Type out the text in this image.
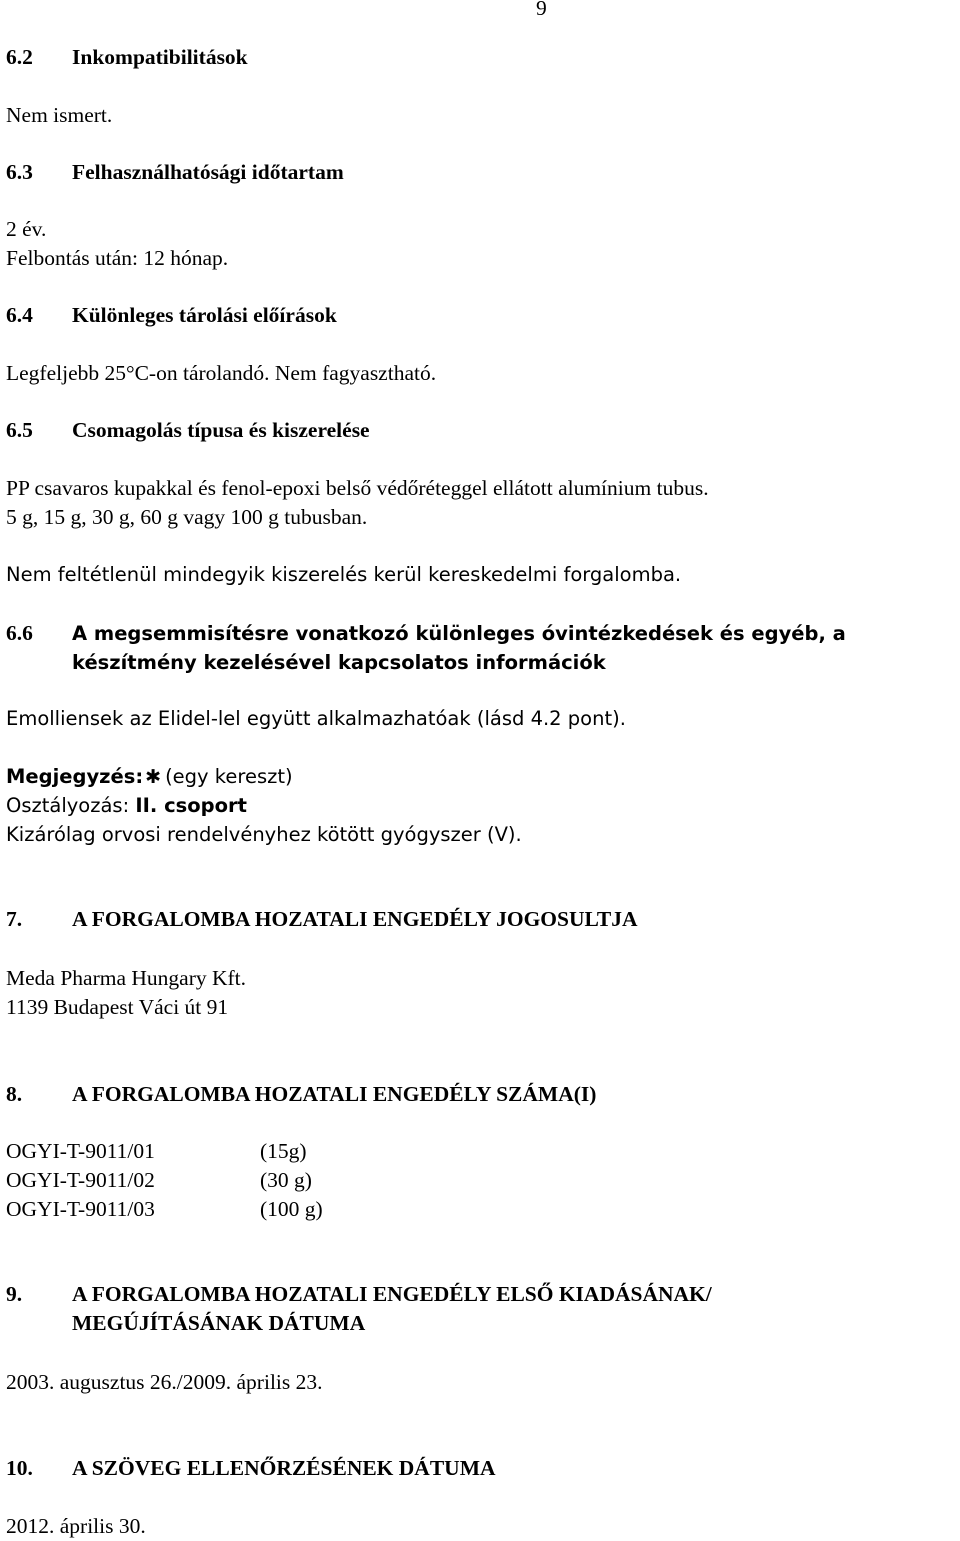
9
6.2 Inkompatibilitások
Nem ismert.
6.3 Felhasználhatósági időtartam
2 év.
Felbontás után: 12 hónap.
6.4 Különleges tárolási előírások
Legfeljebb 25°C-on tárolandó. Nem fagyasztható.
6.5 Csomagolás típusa és kiszerelése
PP csavaros kupakkal és fenol-epoxi belső védőréteggel ellátott alumínium tubus.
5 g, 15 g, 30 g, 60 g vagy 100 g tubusban.
Nem feltétlenül mindegyik kiszerelés kerül kereskedelmi forgalomba.
6.6	A megsemmisítésre vonatkozó különleges óvintézkedések és egyéb, a készítmény kezelésével kapcsolatos információk
Emolliensek az Elidel-lel együtt alkalmazhatóak (lásd 4.2 pont).
Megjegyzés: ✱ (egy kereszt)
Osztályozás: II. csoport
Kizárólag orvosi rendelvényhez kötött gyógyszer (V).
7. A FORGALOMBA HOZATALI ENGEDÉLY JOGOSULTJA
Meda Pharma Hungary Kft.
1139 Budapest Váci út 91
8. A FORGALOMBA HOZATALI ENGEDÉLY SZÁMA(I)
OGYI-T-9011/01	(15g)
OGYI-T-9011/02	(30 g)
OGYI-T-9011/03	(100 g)
9.	A FORGALOMBA HOZATALI ENGEDÉLY ELSŐ KIADÁSÁNAK/ MEGÚJÍTÁSÁNAK DÁTUMA
2003. augusztus 26./2009. április 23.
10. A SZÖVEG ELLENŐRZÉSÉNEK DÁTUMA
2012. április 30.
